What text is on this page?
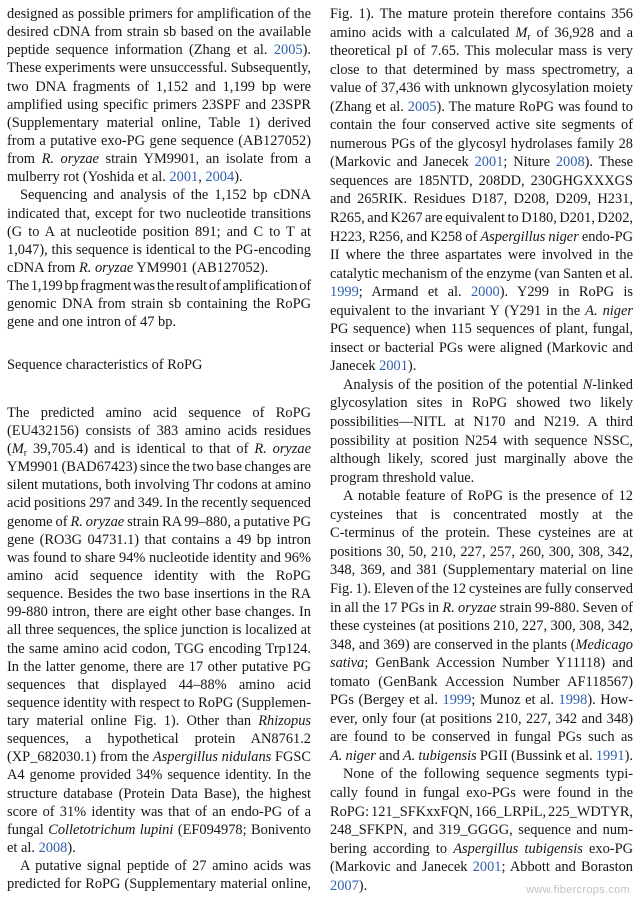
designed as possible primers for amplification of the
desired cDNA from strain sb based on the available
peptide sequence information (Zhang et al. 2005).
These experiments were unsuccessful. Subsequently,
two DNA fragments of 1,152 and 1,199 bp were
amplified using specific primers 23SPF and 23SPR
(Supplementary material online, Table 1) derived
from a putative exo-PG gene sequence (AB127052)
from R. oryzae strain YM9901, an isolate from a
mulberry rot (Yoshida et al. 2001, 2004).
Sequencing and analysis of the 1,152 bp cDNA
indicated that, except for two nucleotide transitions
(G to A at nucleotide position 891; and C to T at
1,047), this sequence is identical to the PG-encoding
cDNA from R. oryzae YM9901 (AB127052).
The 1,199 bp fragment was the result of amplification of
genomic DNA from strain sb containing the RoPG
gene and one intron of 47 bp.
Sequence characteristics of RoPG
The predicted amino acid sequence of RoPG
(EU432156) consists of 383 amino acids residues
($M_r$ 39,705.4) and is identical to that of R. oryzae
YM9901 (BAD67423) since the two base changes are
silent mutations, both involving Thr codons at amino
acid positions 297 and 349. In the recently sequenced
genome of R. oryzae strain RA 99–880, a putative PG
gene (RO3G 04731.1) that contains a 49 bp intron
was found to share 94% nucleotide identity and 96%
amino acid sequence identity with the RoPG
sequence. Besides the two base insertions in the RA
99-880 intron, there are eight other base changes. In
all three sequences, the splice junction is localized at
the same amino acid codon, TGG encoding Trp124.
In the latter genome, there are 17 other putative PG
sequences that displayed 44–88% amino acid
sequence identity with respect to RoPG (Supplemen-
tary material online Fig. 1). Other than Rhizopus
sequences, a hypothetical protein AN8761.2
(XP_682030.1) from the Aspergillus nidulans FGSC
A4 genome provided 34% sequence identity. In the
structure database (Protein Data Base), the highest
score of 31% identity was that of an endo-PG of a
fungal Colletotrichum lupini (EF094978; Bonivento
et al. 2008).
A putative signal peptide of 27 amino acids was
predicted for RoPG (Supplementary material online,
Fig. 1). The mature protein therefore contains 356
amino acids with a calculated $M_r$ of 36,928 and a
theoretical pI of 7.65. This molecular mass is very
close to that determined by mass spectrometry, a
value of 37,436 with unknown glycosylation moiety
(Zhang et al. 2005). The mature RoPG was found to
contain the four conserved active site segments of
numerous PGs of the glycosyl hydrolases family 28
(Markovic and Janecek 2001; Niture 2008). These
sequences are 185NTD, 208DD, 230GHGXXXGS
and 265RIK. Residues D187, D208, D209, H231,
R265, and K267 are equivalent to D180, D201, D202,
H223, R256, and K258 of Aspergillus niger endo-PG
II where the three aspartates were involved in the
catalytic mechanism of the enzyme (van Santen et al.
1999; Armand et al. 2000). Y299 in RoPG is
equivalent to the invariant Y (Y291 in the A. niger
PG sequence) when 115 sequences of plant, fungal,
insect or bacterial PGs were aligned (Markovic and
Janecek 2001).
Analysis of the position of the potential N-linked
glycosylation sites in RoPG showed two likely
possibilities—NITL at N170 and N219. A third
possibility at position N254 with sequence NSSC,
although likely, scored just marginally above the
program threshold value.
A notable feature of RoPG is the presence of 12
cysteines that is concentrated mostly at the
C-terminus of the protein. These cysteines are at
positions 30, 50, 210, 227, 257, 260, 300, 308, 342,
348, 369, and 381 (Supplementary material on line
Fig. 1). Eleven of the 12 cysteines are fully conserved
in all the 17 PGs in R. oryzae strain 99-880. Seven of
these cysteines (at positions 210, 227, 300, 308, 342,
348, and 369) are conserved in the plants (Medicago
sativa; GenBank Accession Number Y11118) and
tomato (GenBank Accession Number AF118567)
PGs (Bergey et al. 1999; Munoz et al. 1998). How-
ever, only four (at positions 210, 227, 342 and 348)
are found to be conserved in fungal PGs such as
A. niger and A. tubigensis PGII (Bussink et al. 1991).
None of the following sequence segments typi-
cally found in fungal exo-PGs were found in the
RoPG: 121_SFKxxFQN, 166_LRPiL, 225_WDTYR,
248_SFKPN, and 319_GGGG, sequence and num-
bering according to Aspergillus tubigensis exo-PG
(Markovic and Janecek 2001; Abbott and Boraston
2007).	www.fibercrops.com
